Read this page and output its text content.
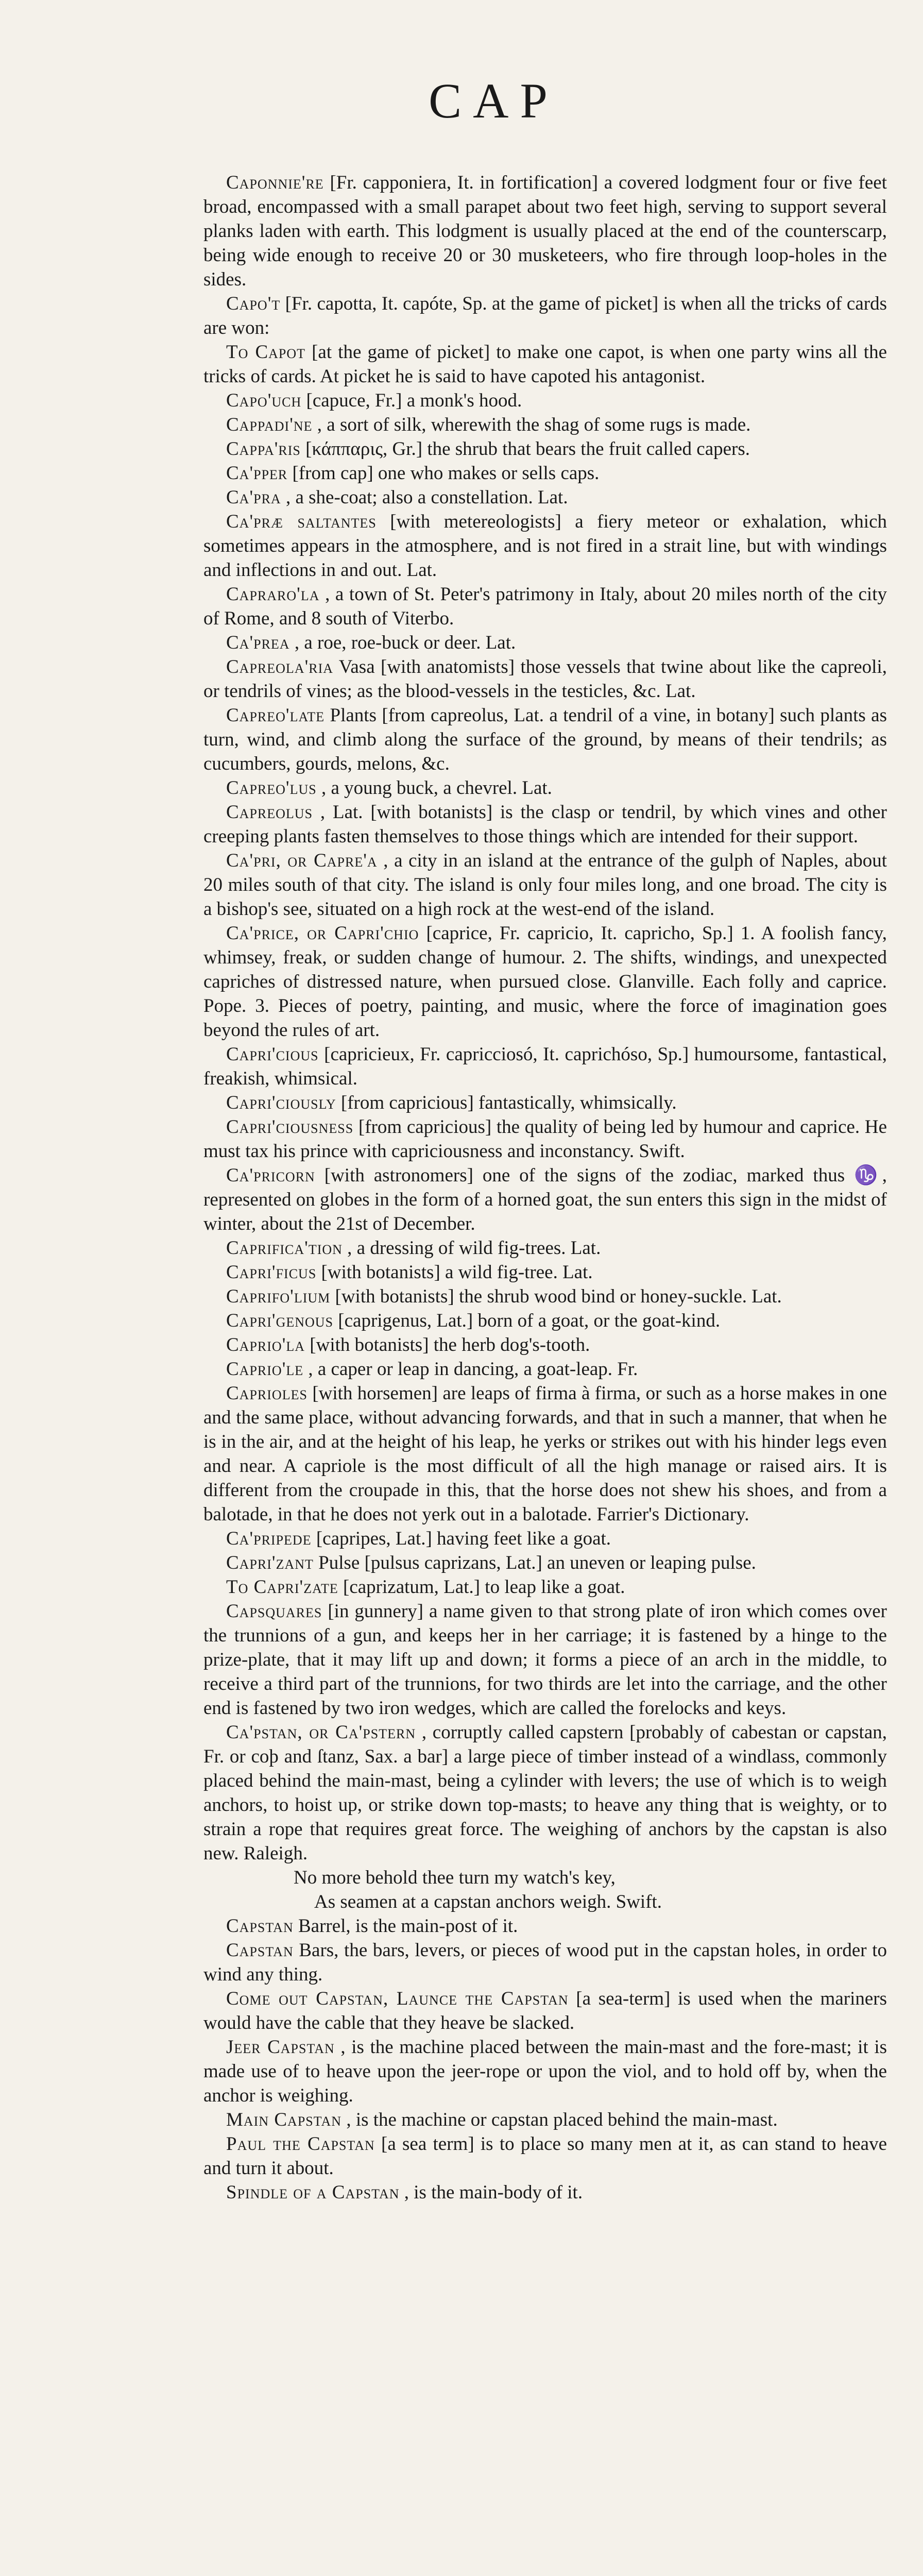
CAP

Caponnie're [Fr. capponiera, It. in fortification] a covered lodgment four or five feet broad, encompassed with a small parapet about two feet high, serving to support several planks laden with earth. This lodgment is usually placed at the end of the counterscarp, being wide enough to receive 20 or 30 musketeers, who fire through loop-holes in the sides.

Capo't [Fr. capotta, It. capóte, Sp. at the game of picket] is when all the tricks of cards are won:

To Capot [at the game of picket] to make one capot, is when one party wins all the tricks of cards. At picket he is said to have capoted his antagonist.

Capo'uch [capuce, Fr.] a monk's hood.

Cappadi'ne , a sort of silk, wherewith the shag of some rugs is made.

Cappa'ris [κάππαρις, Gr.] the shrub that bears the fruit called capers.

Ca'pper [from cap] one who makes or sells caps.

Ca'pra , a she-coat; also a constellation. Lat.

Ca'præ saltantes [with metereologists] a fiery meteor or exhalation, which sometimes appears in the atmosphere, and is not fired in a strait line, but with windings and inflections in and out. Lat.

Capraro'la , a town of St. Peter's patrimony in Italy, about 20 miles north of the city of Rome, and 8 south of Viterbo.

Ca'prea , a roe, roe-buck or deer. Lat.

Capreola'ria Vasa [with anatomists] those vessels that twine about like the capreoli, or tendrils of vines; as the blood-vessels in the testicles, &c. Lat.

Capreo'late Plants [from capreolus, Lat. a tendril of a vine, in botany] such plants as turn, wind, and climb along the surface of the ground, by means of their tendrils; as cucumbers, gourds, melons, &c.

Capreo'lus , a young buck, a chevrel. Lat.

Capreolus , Lat. [with botanists] is the clasp or tendril, by which vines and other creeping plants fasten themselves to those things which are intended for their support.

Ca'pri, or Capre'a , a city in an island at the entrance of the gulph of Naples, about 20 miles south of that city. The island is only four miles long, and one broad. The city is a bishop's see, situated on a high rock at the west-end of the island.

Ca'price, or Capri'chio [caprice, Fr. capricio, It. capricho, Sp.] 1. A foolish fancy, whimsey, freak, or sudden change of humour. 2. The shifts, windings, and unexpected capriches of distressed nature, when pursued close. Glanville. Each folly and caprice. Pope. 3. Pieces of poetry, painting, and music, where the force of imagination goes beyond the rules of art.

Capri'cious [capricieux, Fr. capricciosó, It. caprichóso, Sp.] humoursome, fantastical, freakish, whimsical.

Capri'ciously [from capricious] fantastically, whimsically.

Capri'ciousness [from capricious] the quality of being led by humour and caprice. He must tax his prince with capriciousness and inconstancy. Swift.

Ca'pricorn [with astronomers] one of the signs of the zodiac, marked thus ♑, represented on globes in the form of a horned goat, the sun enters this sign in the midst of winter, about the 21st of December.

Caprifica'tion , a dressing of wild fig-trees. Lat.

Capri'ficus [with botanists] a wild fig-tree. Lat.

Caprifo'lium [with botanists] the shrub wood bind or honey-suckle. Lat.

Capri'genous [caprigenus, Lat.] born of a goat, or the goat-kind.

Caprio'la [with botanists] the herb dog's-tooth.

Caprio'le , a caper or leap in dancing, a goat-leap. Fr.

Caprioles [with horsemen] are leaps of firma à firma, or such as a horse makes in one and the same place, without advancing forwards, and that in such a manner, that when he is in the air, and at the height of his leap, he yerks or strikes out with his hinder legs even and near. A capriole is the most difficult of all the high manage or raised airs. It is different from the croupade in this, that the horse does not shew his shoes, and from a balotade, in that he does not yerk out in a balotade. Farrier's Dictionary.

Ca'pripede [capripes, Lat.] having feet like a goat.

Capri'zant Pulse [pulsus caprizans, Lat.] an uneven or leaping pulse.

To Capri'zate [caprizatum, Lat.] to leap like a goat.

Capsquares [in gunnery] a name given to that strong plate of iron which comes over the trunnions of a gun, and keeps her in her carriage; it is fastened by a hinge to the prize-plate, that it may lift up and down; it forms a piece of an arch in the middle, to receive a third part of the trunnions, for two thirds are let into the carriage, and the other end is fastened by two iron wedges, which are called the forelocks and keys.

Ca'pstan, or Ca'pstern , corruptly called capstern [probably of cabestan or capstan, Fr. or coþ and ſtanz, Sax. a bar] a large piece of timber instead of a windlass, commonly placed behind the main-mast, being a cylinder with levers; the use of which is to weigh anchors, to hoist up, or strike down top-masts; to heave any thing that is weighty, or to strain a rope that requires great force. The weighing of anchors by the capstan is also new. Raleigh.

No more behold thee turn my watch's key,

As seamen at a capstan anchors weigh. Swift.

Capstan Barrel, is the main-post of it.

Capstan Bars, the bars, levers, or pieces of wood put in the capstan holes, in order to wind any thing.

Come out Capstan, Launce the Capstan [a sea-term] is used when the mariners would have the cable that they heave be slacked.

Jeer Capstan , is the machine placed between the main-mast and the fore-mast; it is made use of to heave upon the jeer-rope or upon the viol, and to hold off by, when the anchor is weighing.

Main Capstan , is the machine or capstan placed behind the main-mast.

Paul the Capstan [a sea term] is to place so many men at it, as can stand to heave and turn it about.

Spindle of a Capstan , is the main-body of it.
